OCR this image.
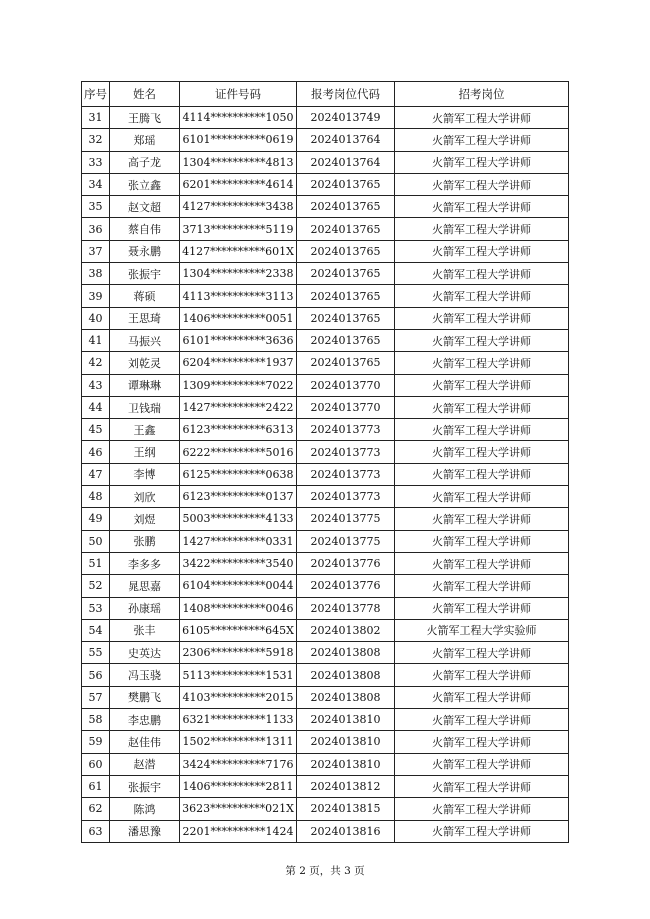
序号	姓名	证件号码	报考岗位代码	招考岗位
31	王腾飞	4114**********1050	2024013749	火箭军工程大学讲师
32	郑瑶	6101**********0619	2024013764	火箭军工程大学讲师
33	高子龙	1304**********4813	2024013764	火箭军工程大学讲师
34	张立鑫	6201**********4614	2024013765	火箭军工程大学讲师
35	赵文超	4127**********3438	2024013765	火箭军工程大学讲师
36	蔡自伟	3713**********5119	2024013765	火箭军工程大学讲师
37	聂永鹏	4127**********601X	2024013765	火箭军工程大学讲师
38	张振宇	1304**********2338	2024013765	火箭军工程大学讲师
39	蒋硕	4113**********3113	2024013765	火箭军工程大学讲师
40	王思琦	1406**********0051	2024013765	火箭军工程大学讲师
41	马振兴	6101**********3636	2024013765	火箭军工程大学讲师
42	刘乾灵	6204**********1937	2024013765	火箭军工程大学讲师
43	谭琳琳	1309**********7022	2024013770	火箭军工程大学讲师
44	卫钱瑞	1427**********2422	2024013770	火箭军工程大学讲师
45	王鑫	6123**********6313	2024013773	火箭军工程大学讲师
46	王纲	6222**********5016	2024013773	火箭军工程大学讲师
47	李博	6125**********0638	2024013773	火箭军工程大学讲师
48	刘欣	6123**********0137	2024013773	火箭军工程大学讲师
49	刘煜	5003**********4133	2024013775	火箭军工程大学讲师
50	张鹏	1427**********0331	2024013775	火箭军工程大学讲师
51	李多多	3422**********3540	2024013776	火箭军工程大学讲师
52	晁思嘉	6104**********0044	2024013776	火箭军工程大学讲师
53	孙康瑶	1408**********0046	2024013778	火箭军工程大学讲师
54	张丰	6105**********645X	2024013802	火箭军工程大学实验师
55	史英达	2306**********5918	2024013808	火箭军工程大学讲师
56	冯玉骁	5113**********1531	2024013808	火箭军工程大学讲师
57	樊鹏飞	4103**********2015	2024013808	火箭军工程大学讲师
58	李忠鹏	6321**********1133	2024013810	火箭军工程大学讲师
59	赵佳伟	1502**********1311	2024013810	火箭军工程大学讲师
60	赵潜	3424**********7176	2024013810	火箭军工程大学讲师
61	张振宇	1406**********2811	2024013812	火箭军工程大学讲师
62	陈鸿	3623**********021X	2024013815	火箭军工程大学讲师
63	潘思豫	2201**********1424	2024013816	火箭军工程大学讲师
第 2 页，共 3 页
